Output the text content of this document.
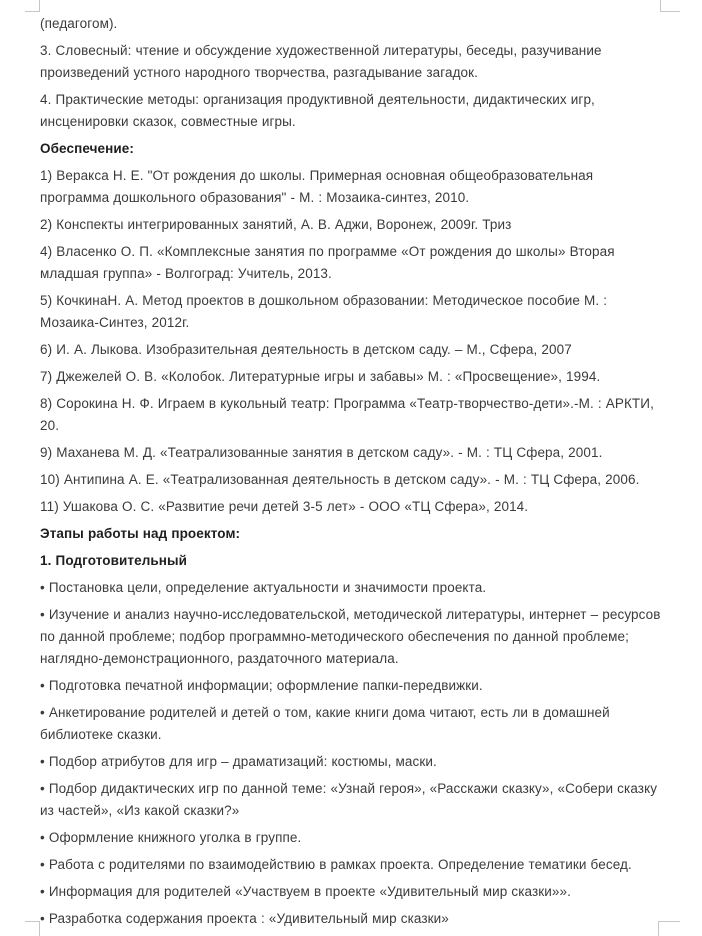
(педагогом).

3. Словесный: чтение и обсуждение художественной литературы, беседы, разучивание произведений устного народного творчества, разгадывание загадок.

4. Практические методы: организация продуктивной деятельности, дидактических игр, инсценировки сказок, совместные игры.

Обеспечение:

1) Веракса Н. Е. "От рождения до школы. Примерная основная общеобразовательная программа дошкольного образования" - М. : Мозаика-синтез, 2010.

2) Конспекты интегрированных занятий, А. В. Аджи, Воронеж, 2009г. Триз

4) Власенко О. П. «Комплексные занятия по программе «От рождения до школы» Вторая младшая группа» - Волгоград: Учитель, 2013.

5) КочкинаН. А. Метод проектов в дошкольном образовании: Методическое пособие М. : Мозаика-Синтез, 2012г.

6) И. А. Лыкова. Изобразительная деятельность в детском саду. – М., Сфера, 2007

7) Джежелей О. В. «Колобок. Литературные игры и забавы» М. : «Просвещение», 1994.

8) Сорокина Н. Ф. Играем в кукольный театр: Программа «Театр-творчество-дети».-М. : АРКТИ, 20.

9) Маханева М. Д. «Театрализованные занятия в детском саду». - М. : ТЦ Сфера, 2001.

10) Антипина А. Е. «Театрализованная деятельность в детском саду». - М. : ТЦ Сфера, 2006.

11) Ушакова О. С. «Развитие речи детей 3-5 лет» - ООО «ТЦ Сфера», 2014.

Этапы работы над проектом:

1. Подготовительный

• Постановка цели, определение актуальности и значимости проекта.

• Изучение и анализ научно-исследовательской, методической литературы, интернет – ресурсов по данной проблеме; подбор программно-методического обеспечения по данной проблеме; наглядно-демонстрационного, раздаточного материала.

• Подготовка печатной информации; оформление папки-передвижки.

• Анкетирование родителей и детей о том, какие книги дома читают, есть ли в домашней библиотеке сказки.

• Подбор атрибутов для игр – драматизаций: костюмы, маски.

• Подбор дидактических игр по данной теме: «Узнай героя», «Расскажи сказку», «Собери сказку из частей», «Из какой сказки?»

• Оформление книжного уголка в группе.

• Работа с родителями по взаимодействию в рамках проекта. Определение тематики бесед.

• Информация для родителей «Участвуем в проекте «Удивительный мир сказки»».

• Разработка содержания проекта : «Удивительный мир сказки»
